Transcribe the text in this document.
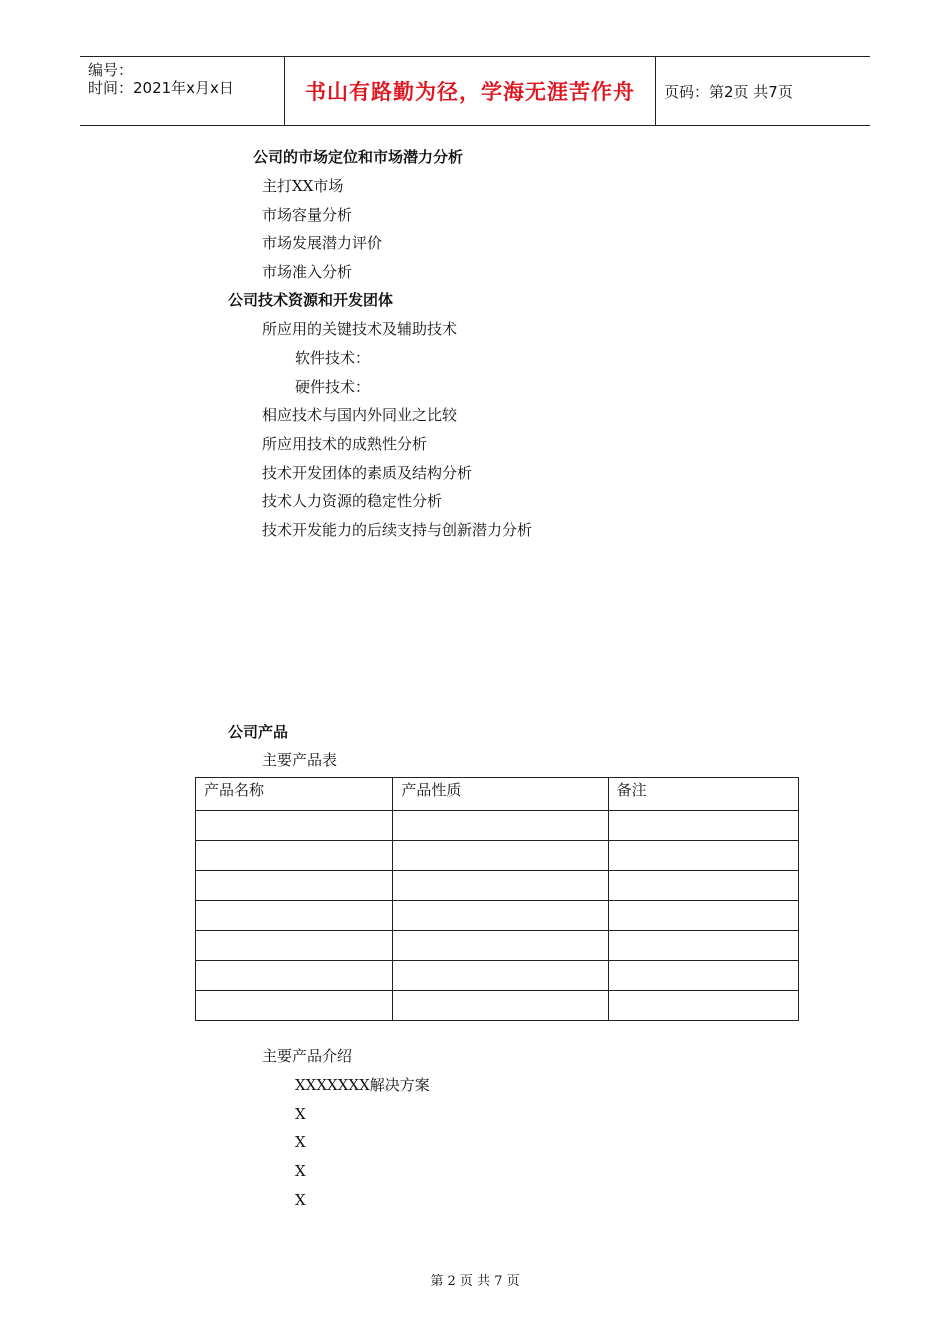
编号：
时间：2021年x月x日	书山有路勤为径，学海无涯苦作舟 页码：第2页 共7页
公司的市场定位和市场潜力分析
主打XX市场
市场容量分析
市场发展潜力评价
市场准入分析
公司技术资源和开发团体
所应用的关键技术及辅助技术
软件技术：
硬件技术：
相应技术与国内外同业之比较
所应用技术的成熟性分析
技术开发团体的素质及结构分析
技术人力资源的稳定性分析
技术开发能力的后续支持与创新潜力分析
公司产品
主要产品表
产品名称	产品性质	备注

主要产品介绍
XXXXXXX解决方案
X
X
X
X
第 2 页 共 7 页
